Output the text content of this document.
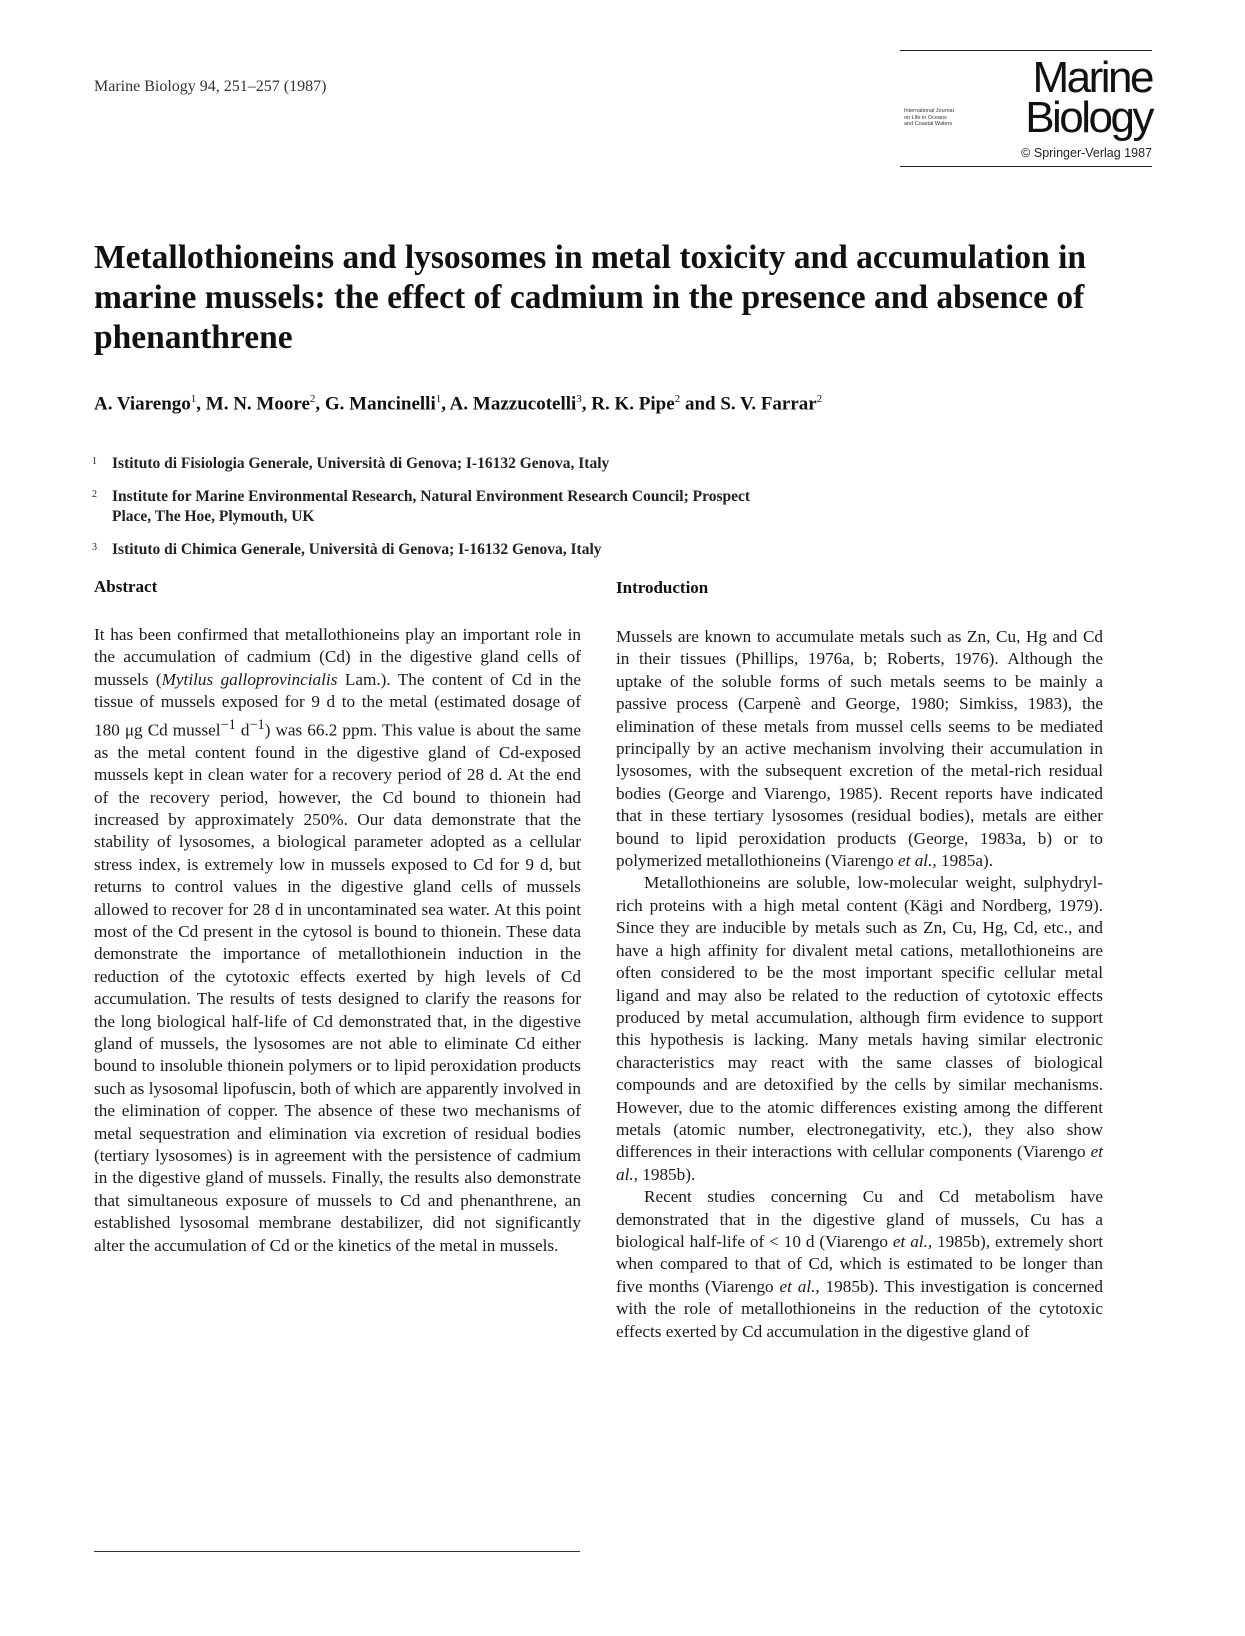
Marine Biology 94, 251–257 (1987)	Marine
International Journal
on Life in Oceans
and Coastal Waters Biology
© Springer-Verlag 1987
Metallothioneins and lysosomes in metal toxicity and accumulation in marine mussels: the effect of cadmium in the presence and absence of phenanthrene
A. Viarengo$^1$, M. N. Moore$^2$, G. Mancinelli$^1$, A. Mazzucotelli$^3$, R. K. Pipe$^2$ and S. V. Farrar$^2$
1 Istituto di Fisiologia Generale, Università di Genova; I-16132 Genova, Italy
2 Institute for Marine Environmental Research, Natural Environment Research Council; Prospect Place, The Hoe, Plymouth, UK
3 Istituto di Chimica Generale, Università di Genova; I-16132 Genova, Italy
Abstract	Introduction

It has been confirmed that metallothioneins play an important role in the accumulation of cadmium (Cd) in the digestive gland cells of mussels (Mytilus galloprovincialis Lam.). The content of Cd in the tissue of mussels exposed for 9 d to the metal (estimated dosage of 180 μg Cd mussel$^{-1}$ $d^{-1}$) was 66.2 ppm. This value is about the same as the metal content found in the digestive gland of Cd-exposed mussels kept in clean water for a recovery period of 28 d. At the end of the recovery period, however, the Cd bound to thionein had increased by approximately 250%. Our data demonstrate that the stability of lysosomes, a biological parameter adopted as a cellular stress index, is extremely low in mussels exposed to Cd for 9 d, but returns to control values in the digestive gland cells of mussels allowed to recover for 28 d in uncontaminated sea water. At this point most of the Cd present in the cytosol is bound to thionein. These data demonstrate the importance of metallothionein induction in the reduction of the cytotoxic effects exerted by high levels of Cd accumulation. The results of tests designed to clarify the reasons for the long biological half-life of Cd demonstrated that, in the digestive gland of mussels, the lysosomes are not able to eliminate Cd either bound to insoluble thionein polymers or to lipid peroxidation products such as lysosomal lipofuscin, both of which are apparently involved in the elimination of copper. The absence of these two mechanisms of metal sequestration and elimination via excretion of residual bodies (tertiary lysosomes) is in agreement with the persistence of cadmium in the digestive gland of mussels. Finally, the results also demonstrate that simultaneous exposure of mussels to Cd and phenanthrene, an established lysosomal membrane destabilizer, did not significantly alter the accumulation of Cd or the kinetics of the metal in mussels.

Mussels are known to accumulate metals such as Zn, Cu, Hg and Cd in their tissues (Phillips, 1976a, b; Roberts, 1976). Although the uptake of the soluble forms of such metals seems to be mainly a passive process (Carpenè and George, 1980; Simkiss, 1983), the elimination of these metals from mussel cells seems to be mediated principally by an active mechanism involving their accumulation in lysosomes, with the subsequent excretion of the metal-rich residual bodies (George and Viarengo, 1985). Recent reports have indicated that in these tertiary lysosomes (residual bodies), metals are either bound to lipid peroxidation products (George, 1983a, b) or to polymerized metallothioneins (Viarengo et al., 1985a).

Metallothioneins are soluble, low-molecular weight, sulphydryl-rich proteins with a high metal content (Kägi and Nordberg, 1979). Since they are inducible by metals such as Zn, Cu, Hg, Cd, etc., and have a high affinity for divalent metal cations, metallothioneins are often considered to be the most important specific cellular metal ligand and may also be related to the reduction of cytotoxic effects produced by metal accumulation, although firm evidence to support this hypothesis is lacking. Many metals having similar electronic characteristics may react with the same classes of biological compounds and are detoxified by the cells by similar mechanisms. However, due to the atomic differences existing among the different metals (atomic number, electronegativity, etc.), they also show differences in their interactions with cellular components (Viarengo et al., 1985b).

Recent studies concerning Cu and Cd metabolism have demonstrated that in the digestive gland of mussels, Cu has a biological half-life of < 10 d (Viarengo et al., 1985b), extremely short when compared to that of Cd, which is estimated to be longer than five months (Viarengo et al., 1985b). This investigation is concerned with the role of metallothioneins in the reduction of the cytotoxic effects exerted by Cd accumulation in the digestive gland of
